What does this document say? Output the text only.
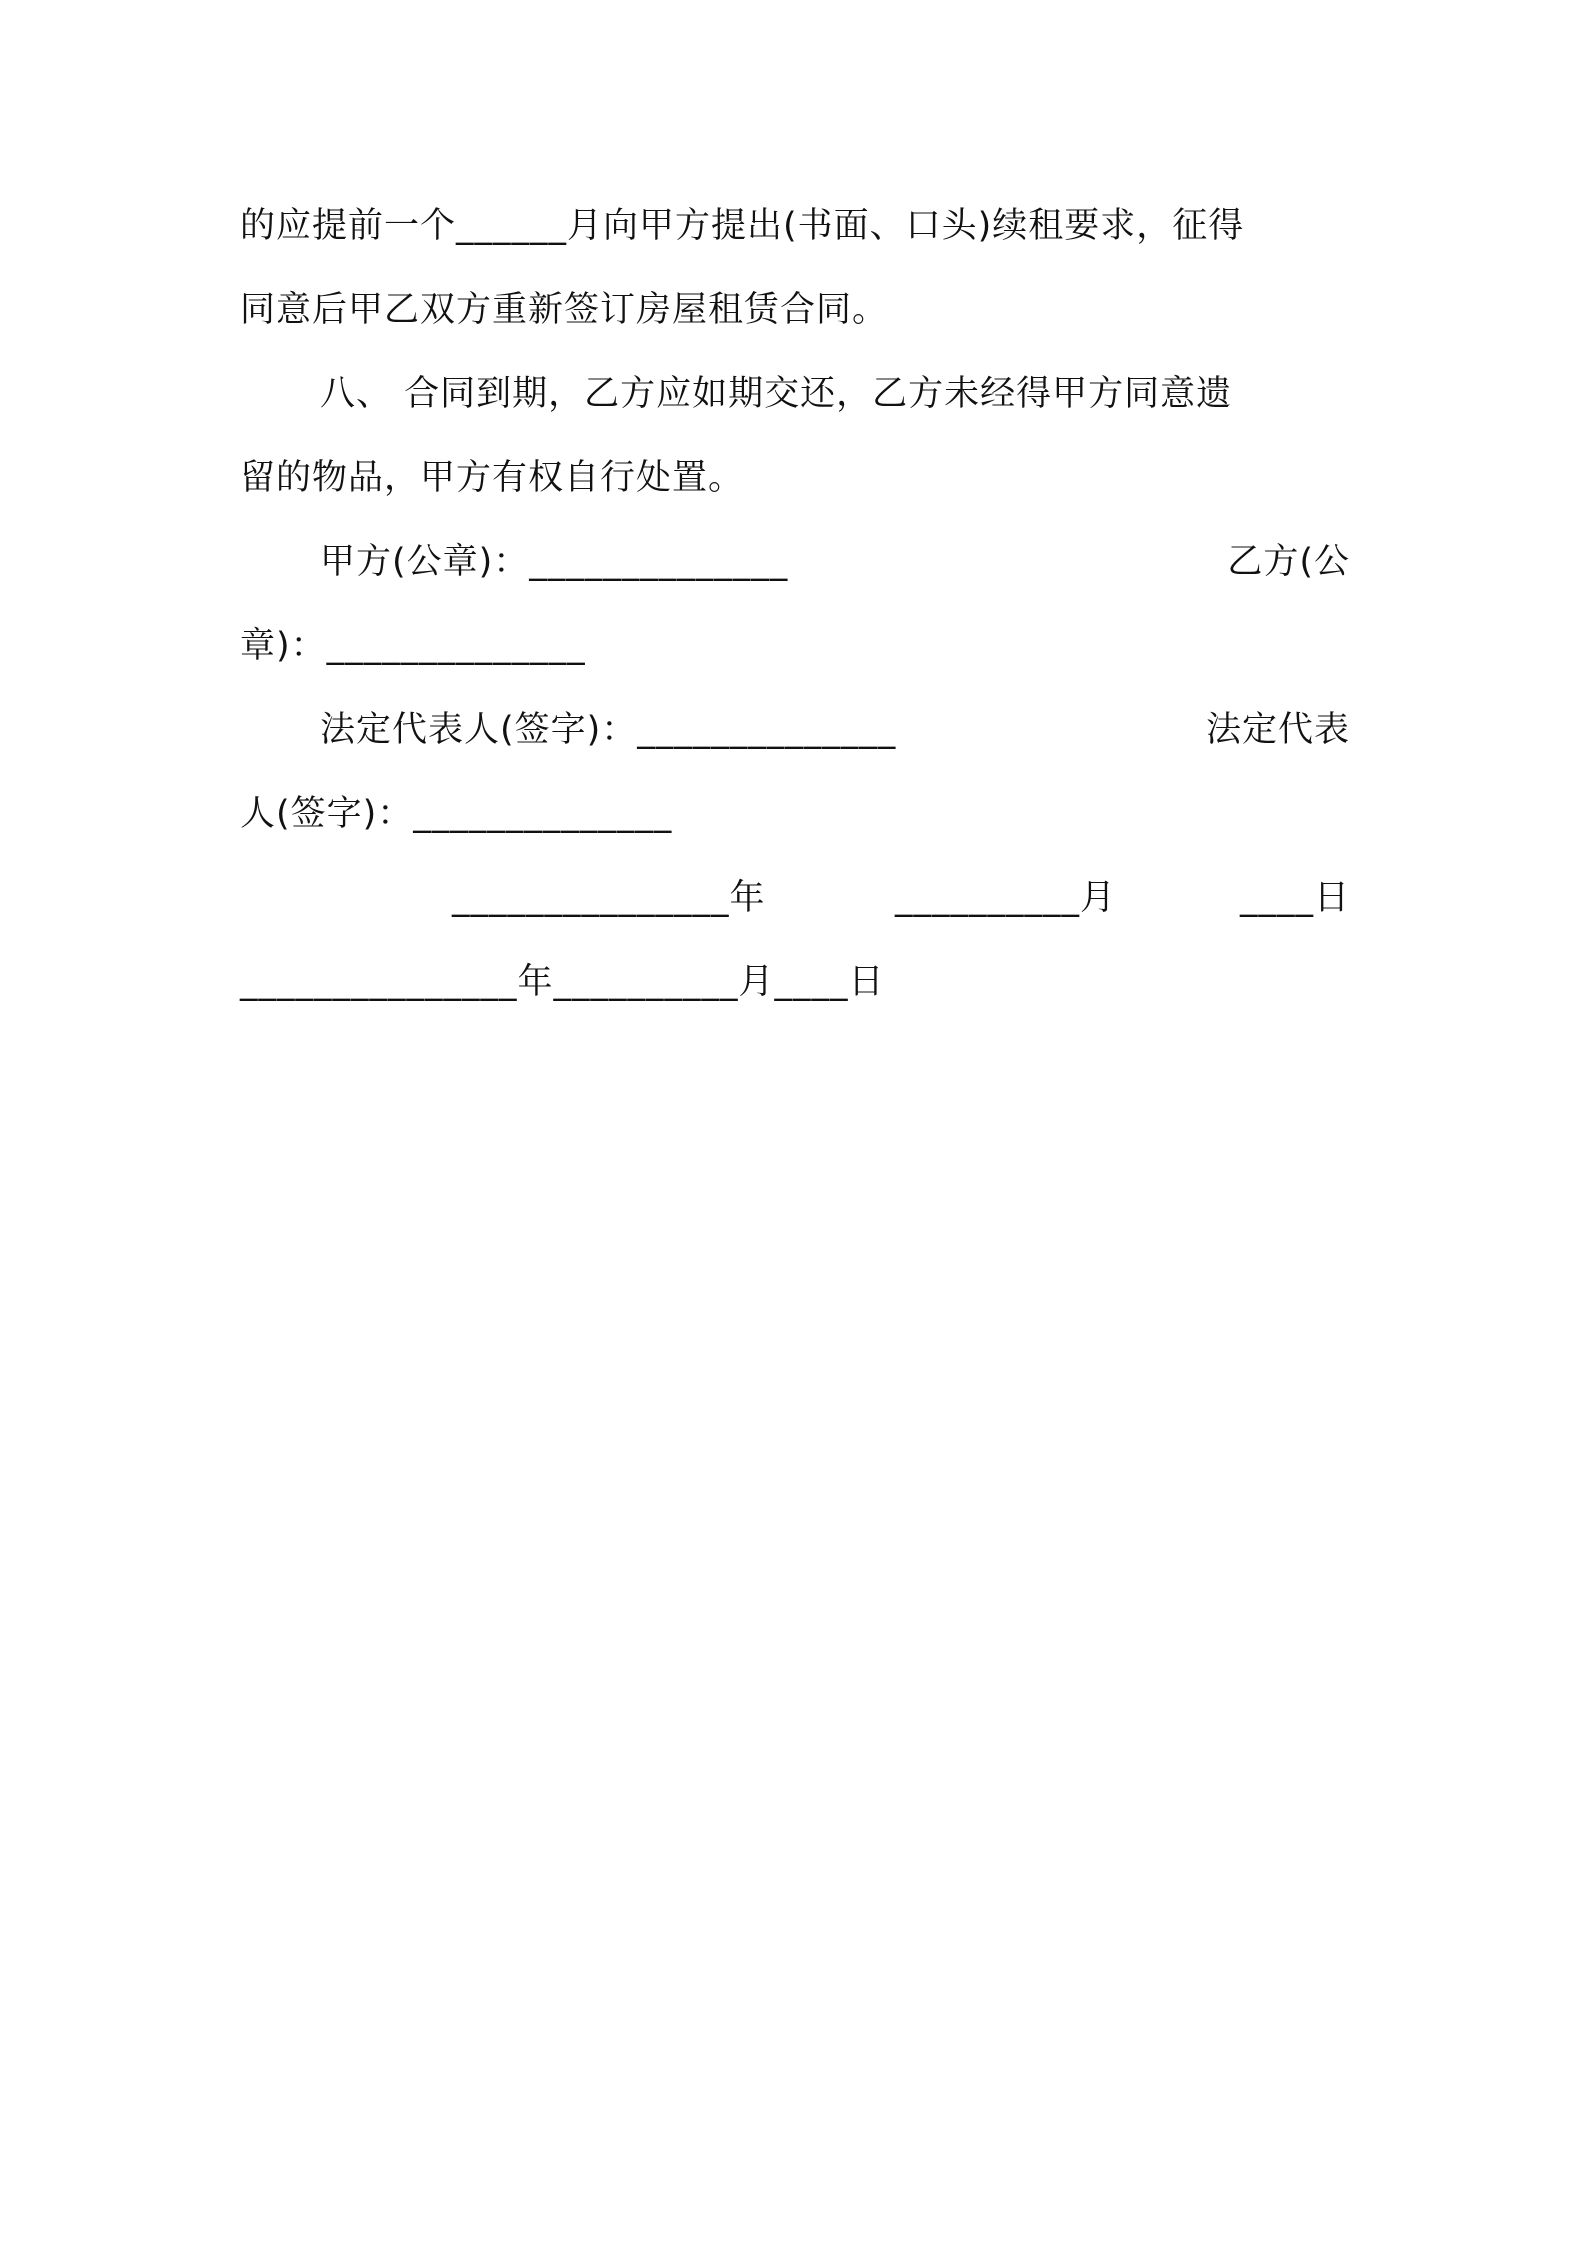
的应提前一个______月向甲方提出(书面、口头)续租要求，征得
同意后甲乙双方重新签订房屋租赁合同。
八、 合同到期，乙方应如期交还，乙方未经得甲方同意遗
留的物品，甲方有权自行处置。
甲方(公章)：______________	乙方(公
章)：______________
法定代表人(签字)：______________	法定代表
人(签字)：______________
_______________年	__________月	____日
_______________年__________月____日
